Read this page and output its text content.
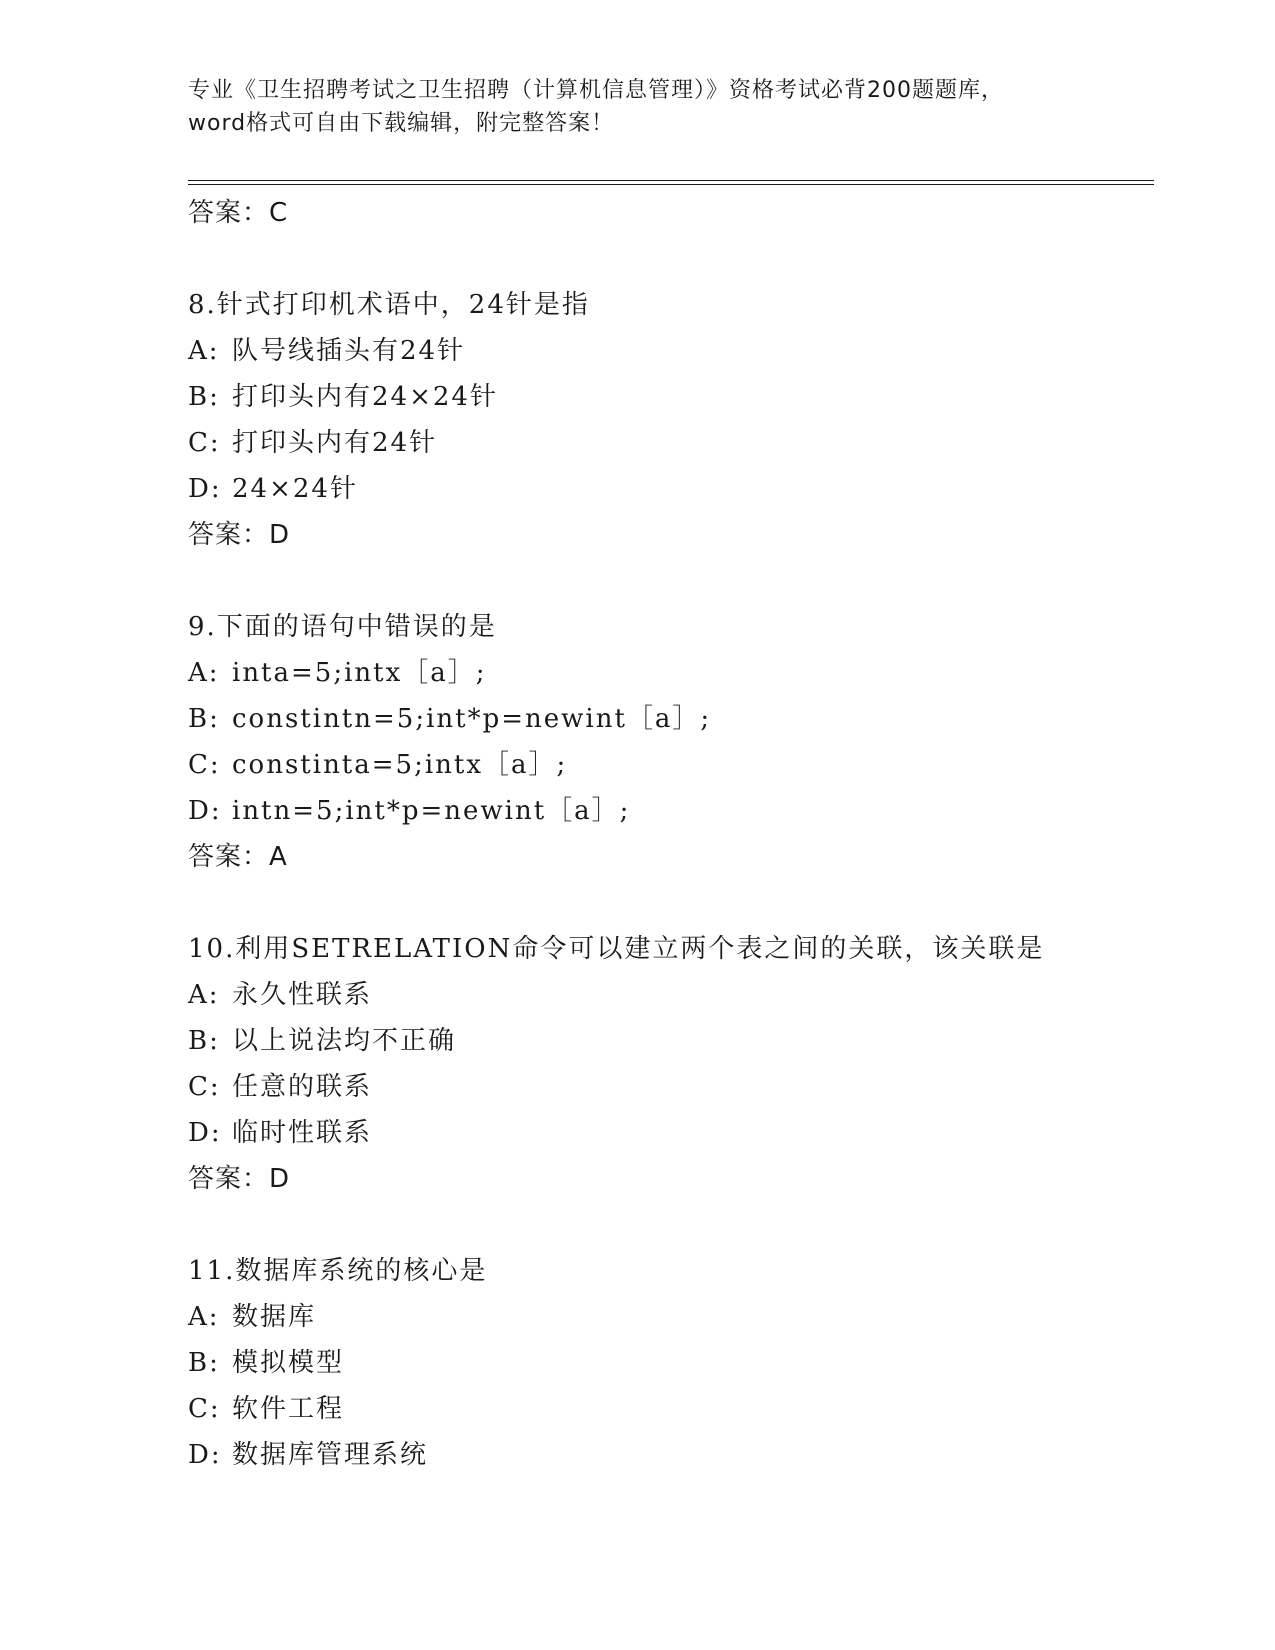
专业《卫生招聘考试之卫生招聘（计算机信息管理）》资格考试必背200题题库，
word格式可自由下载编辑，附完整答案！
答案：C
8.针式打印机术语中，24针是指
A: 队号线插头有24针
B: 打印头内有24×24针
C: 打印头内有24针
D: 24×24针
答案：D
9.下面的语句中错误的是
A: inta=5;intx［a］;
B: constintn=5;int*p=newint［a］;
C: constinta=5;intx［a］;
D: intn=5;int*p=newint［a］;
答案：A
10.利用SETRELATION命令可以建立两个表之间的关联，该关联是
A: 永久性联系
B: 以上说法均不正确
C: 任意的联系
D: 临时性联系
答案：D
11.数据库系统的核心是
A: 数据库
B: 模拟模型
C: 软件工程
D: 数据库管理系统
